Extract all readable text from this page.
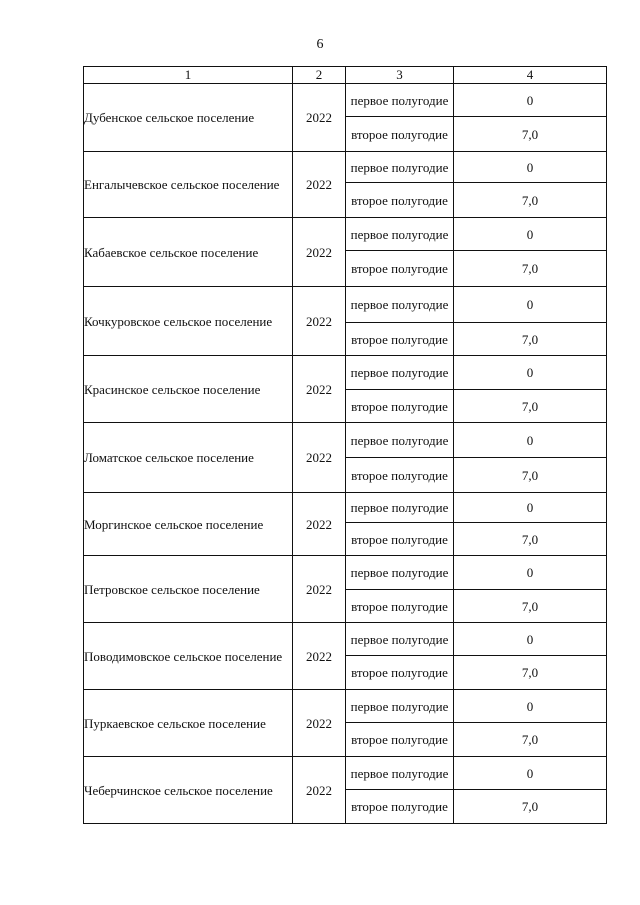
6
1	2	3	4
Дубенское сельское поселение	2022	первое полугодие	0
		второе полугодие	7,0
Енгалычевское сельское поселение	2022	первое полугодие	0
		второе полугодие	7,0
Кабаевское сельское поселение	2022	первое полугодие	0
		второе полугодие	7,0
Кочкуровское сельское поселение	2022	первое полугодие	0
		второе полугодие	7,0
Красинское сельское поселение	2022	первое полугодие	0
		второе полугодие	7,0
Ломатское сельское поселение	2022	первое полугодие	0
		второе полугодие	7,0
Моргинское сельское поселение	2022	первое полугодие	0
		второе полугодие	7,0
Петровское сельское поселение	2022	первое полугодие	0
		второе полугодие	7,0
Поводимовское сельское поселение	2022	первое полугодие	0
		второе полугодие	7,0
Пуркаевское сельское поселение	2022	первое полугодие	0
		второе полугодие	7,0
Чеберчинское сельское поселение	2022	первое полугодие	0
		второе полугодие	7,0
